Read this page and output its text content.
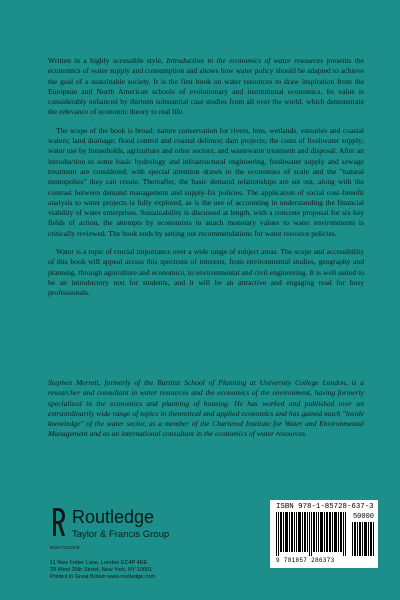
Written in a highly accessible style, Introduction to the economics of water resources presents the economics of water supply and consumption and shows how water policy should be adapted to achieve the goal of a sustainable society. It is the first book on water resources to draw inspiration from the European and North American schools of evolutionary and institutional economics. Its value is considerably enhanced by thirteen substantial case studies from all over the world, which demonstrate the relevance of economic theory to real life.

The scope of the book is broad: nature conservation for rivers, fens, wetlands, estuaries and coastal waters; land drainage; flood control and coastal defence; dam projects; the costs of freshwater supply; water use by households, agriculture and other sectors; and wastewater treatment and disposal. After an introduction to some basic hydrology and infrastructural engineering, freshwater supply and sewage treatment are considered, with special attention drawn to the economies of scale and the "natural monopolies" they can create. Thereafter, the basic demand relationships are set out, along with the contrast between demand management and supply-fix policies. The application of social cost–benefit analysis to water projects is fully explored, as is the use of accounting in understanding the financial viability of water enterprises. Sustainability is discussed at length, with a concrete proposal for six key fields of action, the attempts by economists to attach monetary values to water environments is critically reviewed. The book ends by setting out recommendations for water resource policies.

Water is a topic of crucial importance over a wide range of subject areas. The scope and accessibility of this book will appeal across this spectrum of interests, from environmental studies, geography and planning, through agriculture and economics, to environmental and civil engineering. It is well suited to be an introductory text for students, and it will be an attractive and engaging read for busy professionals.

Stephen Merrett, formerly of the Bartlett School of Planning at University College London, is a researcher and consultant in water resources and the economics of the environment, having formerly specialized in the economics and planning of housing. He has worked and published over an extraordinarily wide range of topics in theoretical and applied economics and has gained much "inside knowledge" of the water sector, as a member of the Chartered Institute for Water and Environmental Management and as an international consultant in the economics of water resources.

ROUTLEDGE
Routledge
Taylor & Francis Group
11 New Fetter Lane, London EC4P 4EE
29 West 35th Street, New York, NY 10001
Printed in Great Britain www.routledge.com
ISBN 978-1-85728-637-3
50000
9 781857 286373
